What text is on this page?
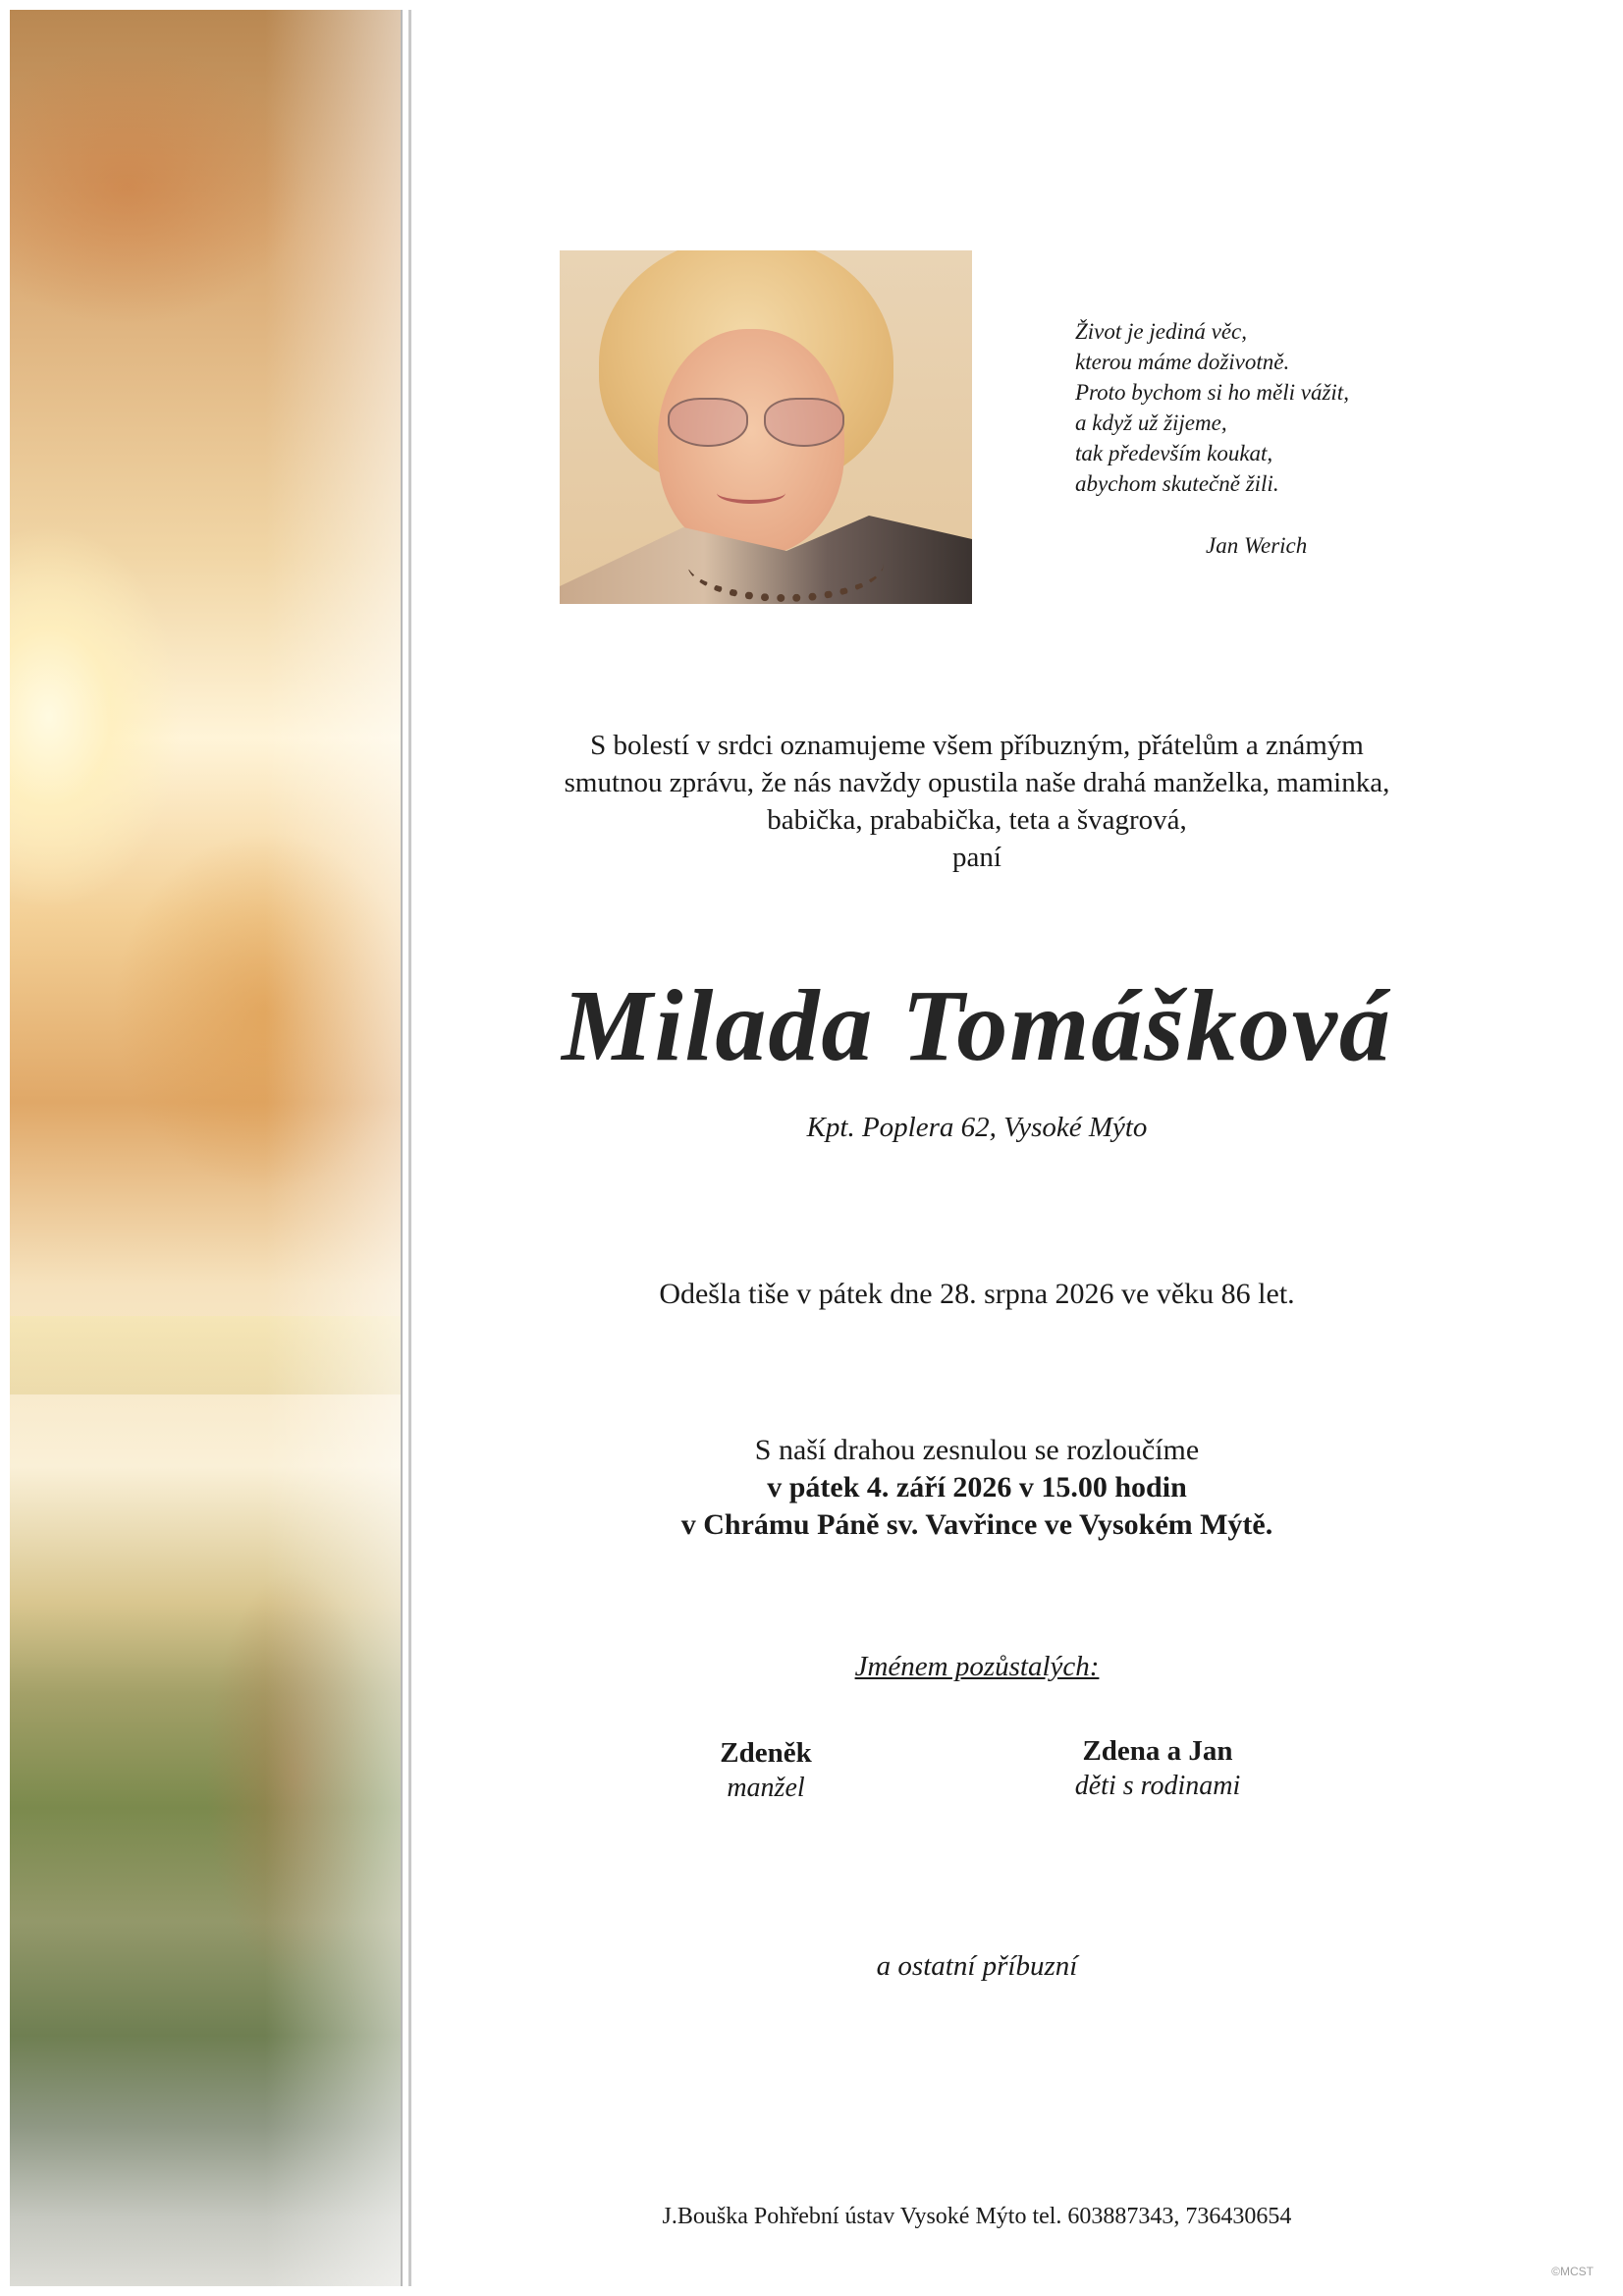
Život je jediná věc,

kterou máme doživotně.

Proto bychom si ho měli vážit,

a když už žijeme,

tak především koukat,

abychom skutečně žili.

Jan Werich

S bolestí v srdci oznamujeme všem příbuzným, přátelům a známým

smutnou zprávu, že nás navždy opustila naše drahá manželka, maminka,

babička, prababička, teta a švagrová,

paní

Milada Tomášková
Kpt. Poplera 62, Vysoké Mýto
Odešla tiše v pátek dne 28. srpna 2026 ve věku 86 let.

S naší drahou zesnulou se rozloučíme

v pátek 4. září 2026 v 15.00 hodin

v Chrámu Páně sv. Vavřince ve Vysokém Mýtě.

Jménem pozůstalých:
Zdeněk
manžel
Zdena a Jan
děti s rodinami
a ostatní příbuzní
J.Bouška Pohřební ústav Vysoké Mýto tel. 603887343, 736430654
©MCST
